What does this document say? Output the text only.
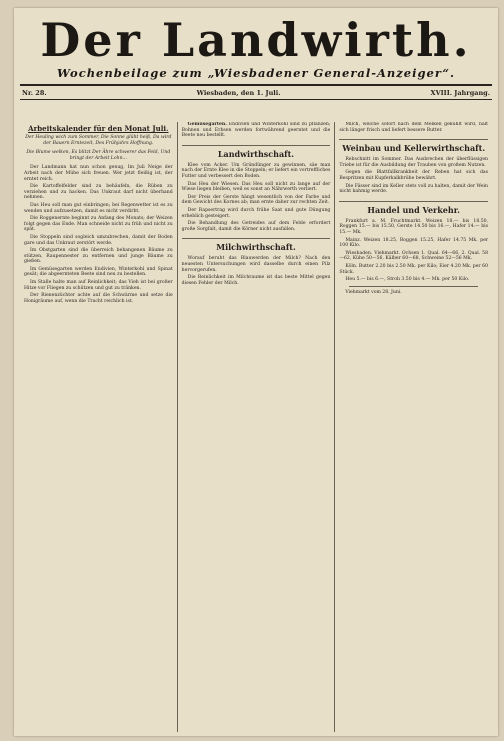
Der Landwirth.
Wochenbeilage zum „Wiesbadener General-Anzeiger“.
Nr. 28.	Wiesbaden, den 1. Juli.	XVIII. Jahrgang.
Arbeitskalender für den Monat Juli.
Der Heuling wich zum Sommer, Die Sonne glüht heiß, Da wird der Bauern Erntezeit, Des Frühjahrs Hoffnung.
Die Blume welken, Es blitzt Der Ähre schwerer das Feld, Und bringt der Arbeit Lohn...

Der Landmann hat nun schon genug, Im Juli Neige der Arbeit nach der Mühe sich freuen. Wer jetzt fleißig ist, der erntet reich.

Die Kartoffelfelder sind zu behäufeln, die Rüben zu verziehen und zu hacken. Das Unkraut darf nicht überhand nehmen.

Das Heu soll man gut einbringen; bei Regenwetter ist es zu wenden und aufzusetzen, damit es nicht verdirbt.

Die Roggenernte beginnt zu Anfang des Monats; der Weizen folgt gegen das Ende. Man schneide nicht zu früh und nicht zu spät.

Die Stoppeln sind sogleich umzubrechen, damit der Boden gare und das Unkraut zerstört werde.

Im Obstgarten sind die überreich behangenen Bäume zu stützen, Raupennester zu entfernen und junge Bäume zu gießen.

Im Gemüsegarten werden Endivien, Winterkohl und Spinat gesät; die abgeernteten Beete sind neu zu bestellen.

Im Stalle halte man auf Reinlichkeit; das Vieh ist bei großer Hitze vor Fliegen zu schützen und gut zu tränken.

Der Bienenzüchter achte auf die Schwärme und setze die Honigräume auf, wenn die Tracht reichlich ist.

Gemüsegarten. Endivien und Winterkohl sind zu pflanzen; Bohnen und Erbsen werden fortwährend geerntet und die Beete neu bestellt.

Landwirthschaft.

Klee vom Acker. Um Gründünger zu gewinnen, säe man nach der Ernte Klee in die Stoppeln; er liefert ein vortreffliches Futter und verbessert den Boden.

Das Heu der Wiesen. Das Heu soll nicht zu lange auf der Wiese liegen bleiben, weil es sonst an Nährwerth verliert.

Der Preis der Gerste hängt wesentlich von der Farbe und dem Gewicht des Kornes ab; man ernte daher zur rechten Zeit.

Der Rapsertrag wird durch frühe Saat und gute Düngung erheblich gesteigert.

Die Behandlung des Getreides auf dem Felde erfordert große Sorgfalt, damit die Körner nicht ausfallen.

Milchwirthschaft.

Worauf beruht das Blauwerden der Milch? Nach den neuesten Untersuchungen wird dasselbe durch einen Pilz hervorgerufen.

Die Reinlichkeit im Milchraume ist das beste Mittel gegen diesen Fehler der Milch.

Milch, welche sofort nach dem Melken gekühlt wird, hält sich länger frisch und liefert bessere Butter.

Weinbau und Kellerwirthschaft.

Rebschnitt im Sommer. Das Ausbrechen der überflüssigen Triebe ist für die Ausbildung der Trauben von großem Nutzen.

Gegen die Blattfallkrankheit der Reben hat sich das Bespritzen mit Kupferkalkbrühe bewährt.

Die Fässer sind im Keller stets voll zu halten, damit der Wein nicht kahmig werde.

Handel und Verkehr.

Frankfurt a. M. Fruchtmarkt. Weizen 18.— bis 18.50, Roggen 15.— bis 15.50, Gerste 14.50 bis 16.—, Hafer 14.— bis 15.— Mk.

Mainz. Weizen 18.25, Roggen 15.25, Hafer 14.75 Mk. per 100 Kilo.

Wiesbaden. Viehmarkt. Ochsen 1. Qual. 64—66, 2. Qual. 58—62, Kühe 50—56, Kälber 60—68, Schweine 52—56 Mk.

Köln. Butter 2.20 bis 2.50 Mk. per Kilo; Eier 4.20 Mk. per 60 Stück.

Heu 5.— bis 6.—, Stroh 3.50 bis 4.— Mk. per 50 Kilo.

Viehmarkt vom 28. Juni.
